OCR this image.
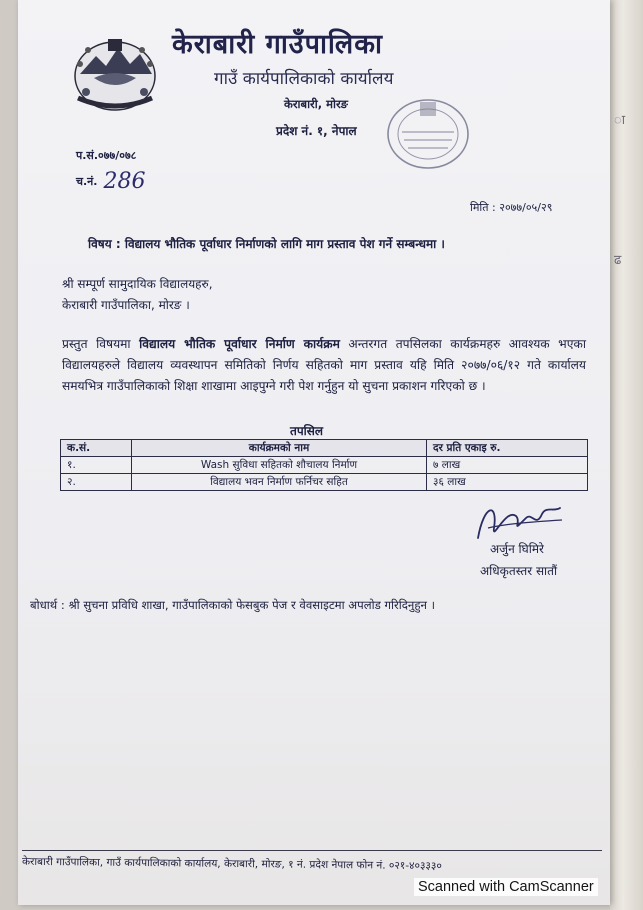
ा
ढ
केराबारी गाउँपालिका
गाउँ कार्यपालिकाको कार्यालय
केराबारी, मोरङ
प्रदेश नं. १, नेपाल
प.सं.०७७/०७८
च.नं. 286
मिति : २०७७/०५/२९
विषय : विद्यालय भौतिक पूर्वाधार निर्माणको लागि माग प्रस्ताव पेश गर्ने सम्बन्धमा ।
श्री सम्पूर्ण सामुदायिक विद्यालयहरु,
केराबारी गाउँपालिका, मोरङ ।
प्रस्तुत विषयमा विद्यालय भौतिक पूर्वाधार निर्माण कार्यक्रम अन्तरगत तपसिलका कार्यक्रमहरु आवश्यक भएका विद्यालयहरुले विद्यालय व्यवस्थापन समितिको निर्णय सहितको माग प्रस्ताव यहि मिति २०७७/०६/१२ गते कार्यालय समयभित्र गाउँपालिकाको शिक्षा शाखामा आइपुग्ने गरी पेश गर्नुहुन यो सुचना प्रकाशन गरिएको छ ।
तपसिल
क.सं.	कार्यक्रमको नाम	दर प्रति एकाइ रु.
१.	Wash सुविधा सहितको शौचालय निर्माण	७ लाख
२.	विद्यालय भवन निर्माण फर्निचर सहित	३६ लाख
अर्जुन घिमिरे
अधिकृतस्तर सातौं
बोधार्थ : श्री सुचना प्रविधि शाखा, गाउँपालिकाको फेसबुक पेज र वेवसाइटमा अपलोड गरिदिनुहुन ।
केराबारी गाउँपालिका, गाउँ कार्यपालिकाको कार्यालय, केराबारी, मोरङ, १ नं. प्रदेश नेपाल फोन नं. ०२१-४०३३३०
Scanned with CamScanner
